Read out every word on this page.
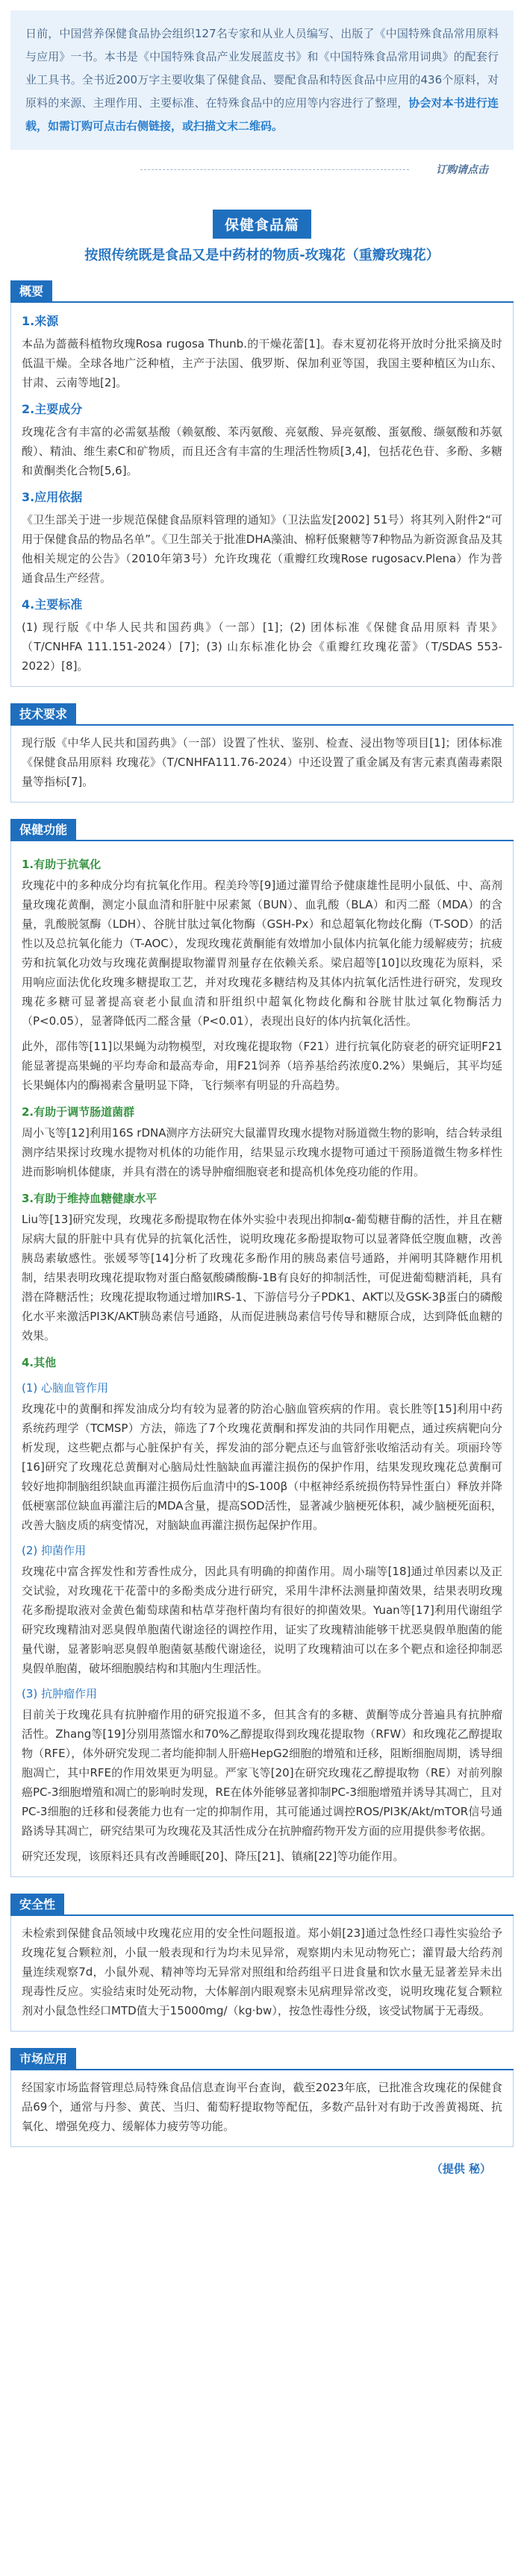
日前，中国营养保健食品协会组织127名专家和从业人员编写、出版了《中国特殊食品常用原料与应用》一书。本书是《中国特殊食品产业发展蓝皮书》和《中国特殊食品常用词典》的配套行业工具书。全书近200万字主要收集了保健食品、婴配食品和特医食品中应用的436个原料，对原料的来源、主理作用、主要标准、在特殊食品中的应用等内容进行了整理，协会对本书进行连载，如需订购可点击右侧链接，或扫描文末二维码。
订购请点击
保健食品篇
按照传统既是食品又是中药材的物质-玫瑰花（重瓣玫瑰花）
概要
1.来源
本品为蔷薇科植物玫瑰Rosa rugosa Thunb.的干燥花蕾[1]。春末夏初花将开放时分批采摘及时低温干燥。全球各地广泛种植，主产于法国、俄罗斯、保加利亚等国，我国主要种植区为山东、甘肃、云南等地[2]。
2.主要成分
玫瑰花含有丰富的必需氨基酸（赖氨酸、苯丙氨酸、亮氨酸、异亮氨酸、蛋氨酸、缬氨酸和苏氨酸）、精油、维生素C和矿物质，而且还含有丰富的生理活性物质[3,4]，包括花色苷、多酚、多糖和黄酮类化合物[5,6]。
3.应用依据
《卫生部关于进一步规范保健食品原料管理的通知》（卫法监发[2002] 51号）将其列入附件2“可用于保健食品的物品名单”。《卫生部关于批准DHA藻油、棉籽低聚糖等7种物品为新资源食品及其他相关规定的公告》（2010年第3号）允许玫瑰花（重瓣红玫瑰Rose rugosacv.Plena）作为普通食品生产经营。
4.主要标准
(1) 现行版《中华人民共和国药典》（一部）[1]；(2) 团体标准《保健食品用原料 青果》（T/CNHFA 111.151-2024）[7]；(3) 山东标准化协会《重瓣红玫瑰花蕾》（T/SDAS 553-2022）[8]。
技术要求
现行版《中华人民共和国药典》（一部）设置了性状、鉴别、检查、浸出物等项目[1]；团体标准《保健食品用原料 玫瑰花》（T/CNHFA111.76-2024）中还设置了重金属及有害元素真菌毒素限量等指标[7]。
保健功能
1.有助于抗氧化
玫瑰花中的多种成分均有抗氧化作用。程美玲等[9]通过灌胃给予健康雄性昆明小鼠低、中、高剂量玫瑰花黄酮，测定小鼠血清和肝脏中尿素氮（BUN）、血乳酸（BLA）和丙二醛（MDA）的含量，乳酸脱氢酶（LDH）、谷胱甘肽过氧化物酶（GSH-Px）和总超氧化物歧化酶（T-SOD）的活性以及总抗氧化能力（T-AOC），发现玫瑰花黄酮能有效增加小鼠体内抗氧化能力缓解疲劳；抗疲劳和抗氧化功效与玫瑰花黄酮提取物灌胃剂量存在依赖关系。梁启超等[10]以玫瑰花为原料，采用响应面法优化玫瑰多糖提取工艺，并对玫瑰花多糖结构及其体内抗氧化活性进行研究，发现玫瑰花多糖可显著提高衰老小鼠血清和肝组织中超氧化物歧化酶和谷胱甘肽过氧化物酶活力（P<0.05），显著降低丙二醛含量（P<0.01），表现出良好的体内抗氧化活性。
此外，邵伟等[11]以果蝇为动物模型，对玫瑰花提取物（F21）进行抗氧化防衰老的研究证明F21能显著提高果蝇的平均寿命和最高寿命，用F21饲养（培养基给药浓度0.2%）果蝇后，其平均延长果蝇体内的酶褐素含量明显下降，飞行频率有明显的升高趋势。
2.有助于调节肠道菌群
周小飞等[12]利用16S rDNA测序方法研究大鼠灌胃玫瑰水提物对肠道微生物的影响，结合转录组测序结果探讨玫瑰水提物对机体的功能作用，结果显示玫瑰水提物可通过干预肠道微生物多样性进而影响机体健康，并具有潜在的诱导肿瘤细胞衰老和提高机体免疫功能的作用。
3.有助于维持血糖健康水平
Liu等[13]研究发现，玫瑰花多酚提取物在体外实验中表现出抑制α-葡萄糖苷酶的活性，并且在糖尿病大鼠的肝脏中具有优异的抗氧化活性，说明玫瑰花多酚提取物可以显著降低空腹血糖，改善胰岛素敏感性。张媛琴等[14]分析了玫瑰花多酚作用的胰岛素信号通路，并阐明其降糖作用机制，结果表明玫瑰花提取物对蛋白酪氨酸磷酸酶-1B有良好的抑制活性，可促进葡萄糖消耗，具有潜在降糖活性；玫瑰花提取物通过增加IRS-1、下游信号分子PDK1、AKT以及GSK-3β蛋白的磷酸化水平来激活PI3K/AKT胰岛素信号通路，从而促进胰岛素信号传导和糖原合成，达到降低血糖的效果。
4.其他
(1) 心脑血管作用
玫瑰花中的黄酮和挥发油成分均有较为显著的防治心脑血管疾病的作用。袁长胜等[15]利用中药系统药理学（TCMSP）方法，筛选了7个玫瑰花黄酮和挥发油的共同作用靶点，通过疾病靶向分析发现，这些靶点都与心脏保护有关，挥发油的部分靶点还与血管舒张收缩活动有关。项丽玲等[16]研究了玫瑰花总黄酮对心脑局灶性脑缺血再灌注损伤的保护作用，结果发现玫瑰花总黄酮可较好地抑制脑组织缺血再灌注损伤后血清中的S-100β（中枢神经系统损伤特异性蛋白）释放并降低梗塞部位缺血再灌注后的MDA含量，提高SOD活性，显著减少脑梗死体积，减少脑梗死面积，改善大脑皮质的病变情况，对脑缺血再灌注损伤起保护作用。
(2) 抑菌作用
玫瑰花中富含挥发性和芳香性成分，因此具有明确的抑菌作用。周小瑞等[18]通过单因素以及正交试验，对玫瑰花干花蕾中的多酚类成分进行研究，采用牛津杯法测量抑菌效果，结果表明玫瑰花多酚提取液对金黄色葡萄球菌和枯草芽孢杆菌均有很好的抑菌效果。Yuan等[17]利用代谢组学研究玫瑰精油对恶臭假单胞菌代谢途径的调控作用，证实了玫瑰精油能够干扰恶臭假单胞菌的能量代谢，显著影响恶臭假单胞菌氨基酸代谢途径，说明了玫瑰精油可以在多个靶点和途径抑制恶臭假单胞菌，破坏细胞膜结构和其胞内生理活性。
(3) 抗肿瘤作用
目前关于玫瑰花具有抗肿瘤作用的研究报道不多，但其含有的多糖、黄酮等成分普遍具有抗肿瘤活性。Zhang等[19]分别用蒸馏水和70%乙醇提取得到玫瑰花提取物（RFW）和玫瑰花乙醇提取物（RFE），体外研究发现二者均能抑制人肝癌HepG2细胞的增殖和迁移，阻断细胞周期，诱导细胞凋亡，其中RFE的作用效果更为明显。严家飞等[20]在研究玫瑰花乙醇提取物（RE）对前列腺癌PC-3细胞增殖和凋亡的影响时发现，RE在体外能够显著抑制PC-3细胞增殖并诱导其凋亡，且对PC-3细胞的迁移和侵袭能力也有一定的抑制作用，其可能通过调控ROS/PI3K/Akt/mTOR信号通路诱导其凋亡，研究结果可为玫瑰花及其活性成分在抗肿瘤药物开发方面的应用提供参考依据。
研究还发现，该原料还具有改善睡眠[20]、降压[21]、镇痛[22]等功能作用。
安全性
未检索到保健食品领域中玫瑰花应用的安全性问题报道。郑小娟[23]通过急性经口毒性实验给予玫瑰花复合颗粒剂，小鼠一般表现和行为均未见异常，观察期内未见动物死亡；灌胃最大给药剂量连续观察7d，小鼠外观、精神等均无异常对照组和给药组平日进食量和饮水量无显著差异未出现毒性反应。实验结束时处死动物，大体解剖内眼观察未见病理异常改变，说明玫瑰花复合颗粒剂对小鼠急性经口MTD值大于15000mg/（kg·bw），按急性毒性分级，该受试物属于无毒级。
市场应用
经国家市场监督管理总局特殊食品信息查询平台查询，截至2023年底，已批准含玫瑰花的保健食品69个，通常与丹参、黄芪、当归、葡萄籽提取物等配伍，多数产品针对有助于改善黄褐斑、抗氧化、增强免疫力、缓解体力疲劳等功能。
（提供 秘）
